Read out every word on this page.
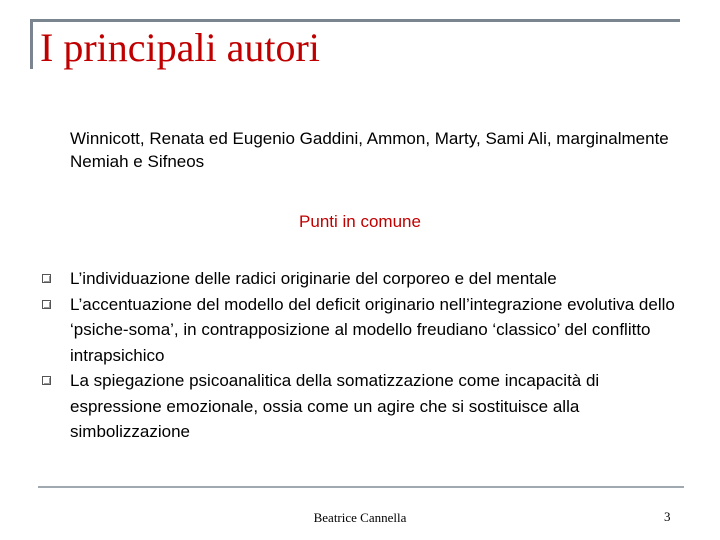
I principali autori
Winnicott, Renata ed Eugenio Gaddini, Ammon, Marty, Sami Ali, marginalmente Nemiah e Sifneos
Punti in comune
L’individuazione delle radici originarie del corporeo e del mentale
L’accentuazione del modello del deficit originario nell’integrazione evolutiva dello ‘psiche-soma’, in contrapposizione al modello freudiano ‘classico’ del conflitto intrapsichico
La spiegazione psicoanalitica della somatizzazione come incapacità di espressione emozionale, ossia come un agire che si sostituisce alla simbolizzazione
Beatrice Cannella	3
